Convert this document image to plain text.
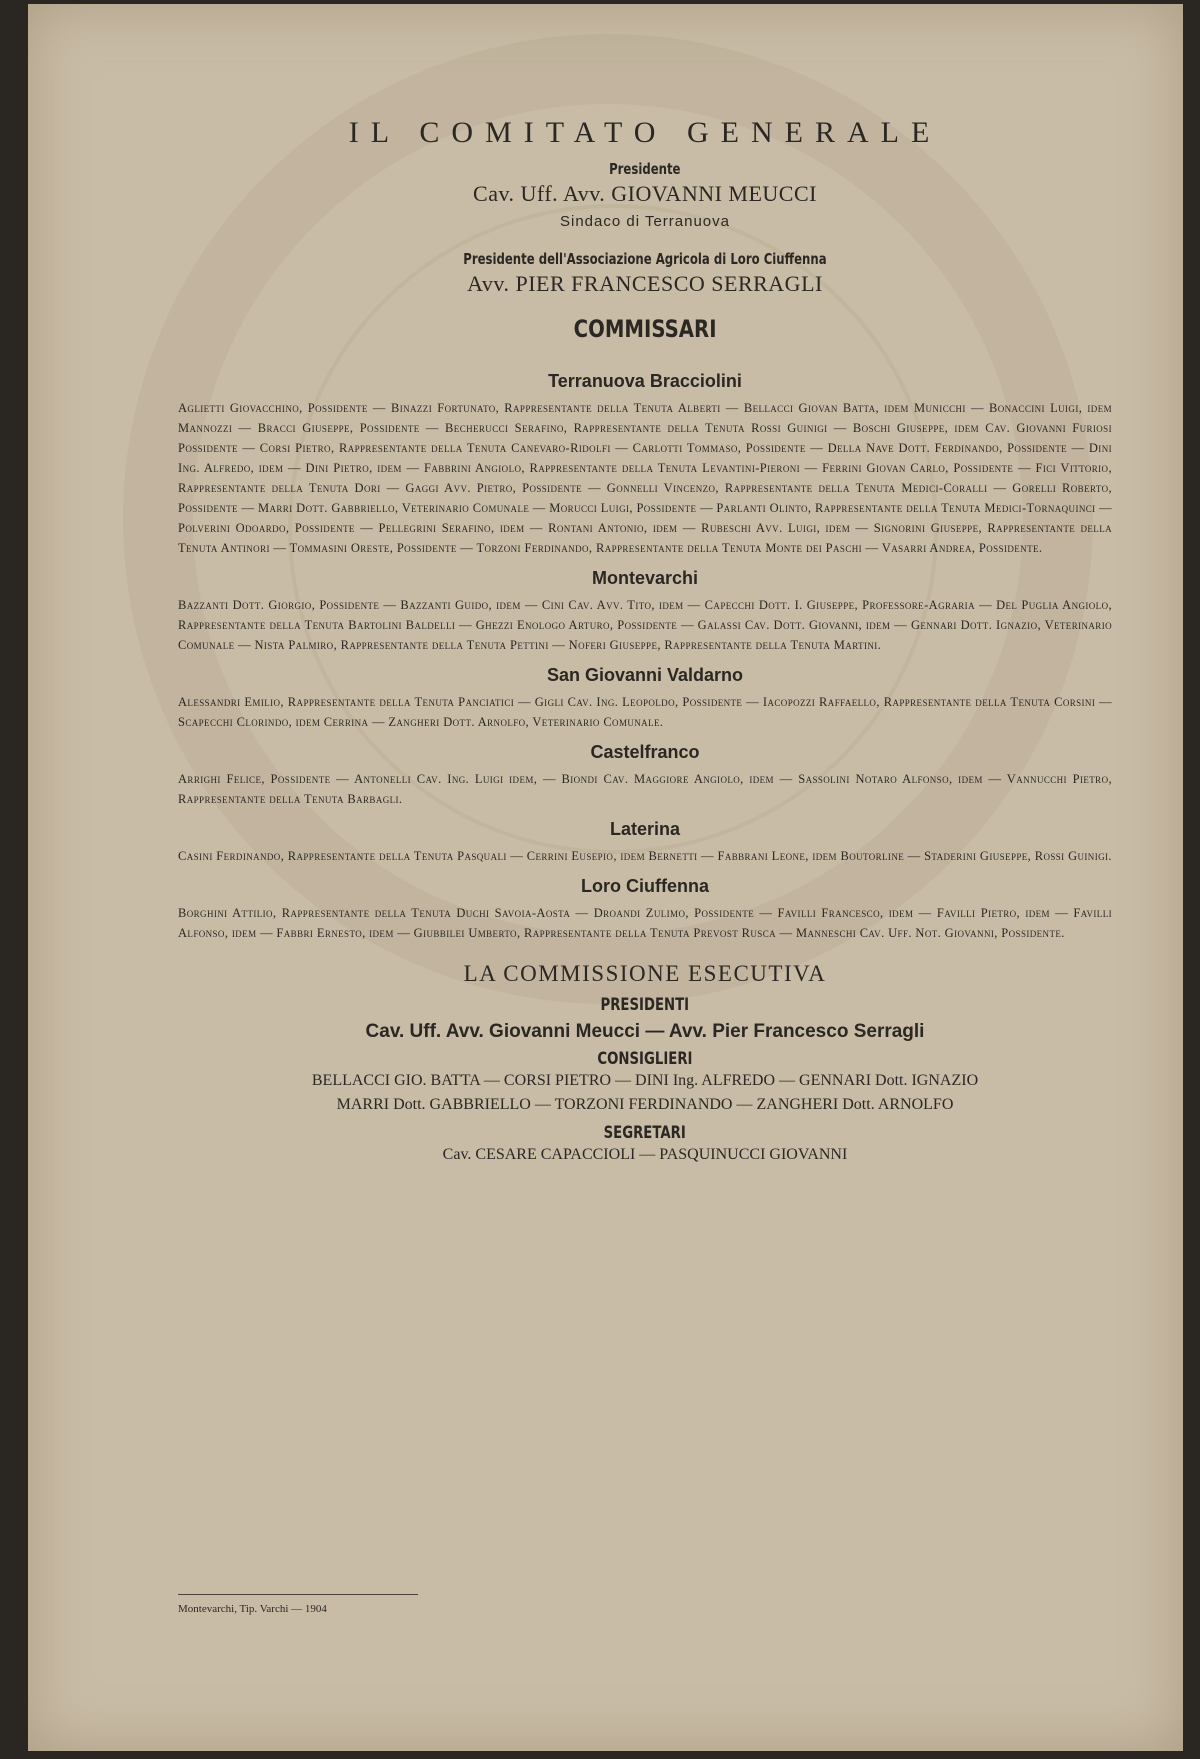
IL COMITATO GENERALE
Presidente
Cav. Uff. Avv. GIOVANNI MEUCCI
Sindaco di Terranuova
Presidente dell'Associazione Agricola di Loro Ciuffenna
Avv. PIER FRANCESCO SERRAGLI
COMMISSARI
Terranuova Bracciolini

Aglietti Giovacchino, Possidente — Binazzi Fortunato, Rappresentante della Tenuta Alberti — Bellacci Giovan Batta, idem Municchi — Bonaccini Luigi, idem Mannozzi — Bracci Giuseppe, Possidente — Becherucci Serafino, Rappresentante della Tenuta Rossi Guinigi — Boschi Giuseppe, idem Cav. Giovanni Furiosi Possidente — Corsi Pietro, Rappresentante della Tenuta Canevaro-Ridolfi — Carlotti Tommaso, Possidente — Della Nave Dott. Ferdinando, Possidente — Dini Ing. Alfredo, idem — Dini Pietro, idem — Fabbrini Angiolo, Rappresentante della Tenuta Levantini-Pieroni — Ferrini Giovan Carlo, Possidente — Fici Vittorio, Rappresentante della Tenuta Dori — Gaggi Avv. Pietro, Possidente — Gonnelli Vincenzo, Rappresentante della Tenuta Medici-Coralli — Gorelli Roberto, Possidente — Marri Dott. Gabbriello, Veterinario Comunale — Morucci Luigi, Possidente — Parlanti Olinto, Rappresentante della Tenuta Medici-Tornaquinci — Polverini Odoardo, Possidente — Pellegrini Serafino, idem — Rontani Antonio, idem — Rubeschi Avv. Luigi, idem — Signorini Giuseppe, Rappresentante della Tenuta Antinori — Tommasini Oreste, Possidente — Torzoni Ferdinando, Rappresentante della Tenuta Monte dei Paschi — Vasarri Andrea, Possidente.

Montevarchi

Bazzanti Dott. Giorgio, Possidente — Bazzanti Guido, idem — Cini Cav. Avv. Tito, idem — Capecchi Dott. I. Giuseppe, Professore-Agraria — Del Puglia Angiolo, Rappresentante della Tenuta Bartolini Baldelli — Ghezzi Enologo Arturo, Possidente — Galassi Cav. Dott. Giovanni, idem — Gennari Dott. Ignazio, Veterinario Comunale — Nista Palmiro, Rappresentante della Tenuta Pettini — Noferi Giuseppe, Rappresentante della Tenuta Martini.

San Giovanni Valdarno

Alessandri Emilio, Rappresentante della Tenuta Panciatici — Gigli Cav. Ing. Leopoldo, Possidente — Iacopozzi Raffaello, Rappresentante della Tenuta Corsini — Scapecchi Clorindo, idem Cerrina — Zangheri Dott. Arnolfo, Veterinario Comunale.

Castelfranco

Arrighi Felice, Possidente — Antonelli Cav. Ing. Luigi idem, — Biondi Cav. Maggiore Angiolo, idem — Sassolini Notaro Alfonso, idem — Vannucchi Pietro, Rappresentante della Tenuta Barbagli.

Laterina

Casini Ferdinando, Rappresentante della Tenuta Pasquali — Cerrini Eusepio, idem Bernetti — Fabbrani Leone, idem Boutorline — Staderini Giuseppe, Rossi Guinigi.

Loro Ciuffenna

Borghini Attilio, Rappresentante della Tenuta Duchi Savoia-Aosta — Droandi Zulimo, Possidente — Favilli Francesco, idem — Favilli Pietro, idem — Favilli Alfonso, idem — Fabbri Ernesto, idem — Giubbilei Umberto, Rappresentante della Tenuta Prevost Rusca — Manneschi Cav. Uff. Not. Giovanni, Possidente.

LA COMMISSIONE ESECUTIVA
PRESIDENTI
Cav. Uff. Avv. Giovanni Meucci — Avv. Pier Francesco Serragli
CONSIGLIERI
BELLACCI GIO. BATTA — CORSI PIETRO — DINI Ing. ALFREDO — GENNARI Dott. IGNAZIO
MARRI Dott. GABBRIELLO — TORZONI FERDINANDO — ZANGHERI Dott. ARNOLFO
SEGRETARI
Cav. CESARE CAPACCIOLI — PASQUINUCCI GIOVANNI
Montevarchi, Tip. Varchi — 1904
